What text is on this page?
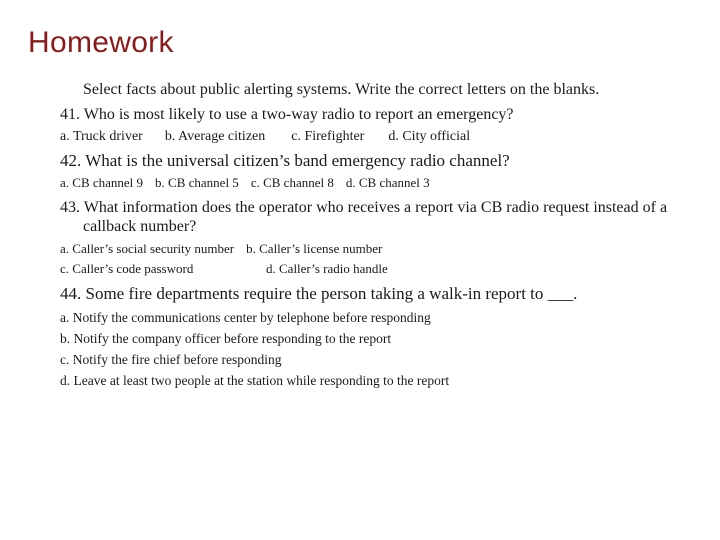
Homework

Select facts about public alerting systems. Write the correct letters on the blanks.

41. Who is most likely to use a two-way radio to report an emergency?

a. Truck driver b. Average citizen c. Firefighter d. City official

42. What is the universal citizen’s band emergency radio channel?

a. CB channel 9 b. CB channel 5 c. CB channel 8 d. CB channel 3

43. What information does the operator who receives a report via CB radio request instead of a callback number?

a. Caller’s social security number b. Caller’s license number
c. Caller’s code password	d. Caller’s radio handle

44. Some fire departments require the person taking a walk-in report to ___.

a. Notify the communications center by telephone before responding
b. Notify the company officer before responding to the report
c. Notify the fire chief before responding
d. Leave at least two people at the station while responding to the report
